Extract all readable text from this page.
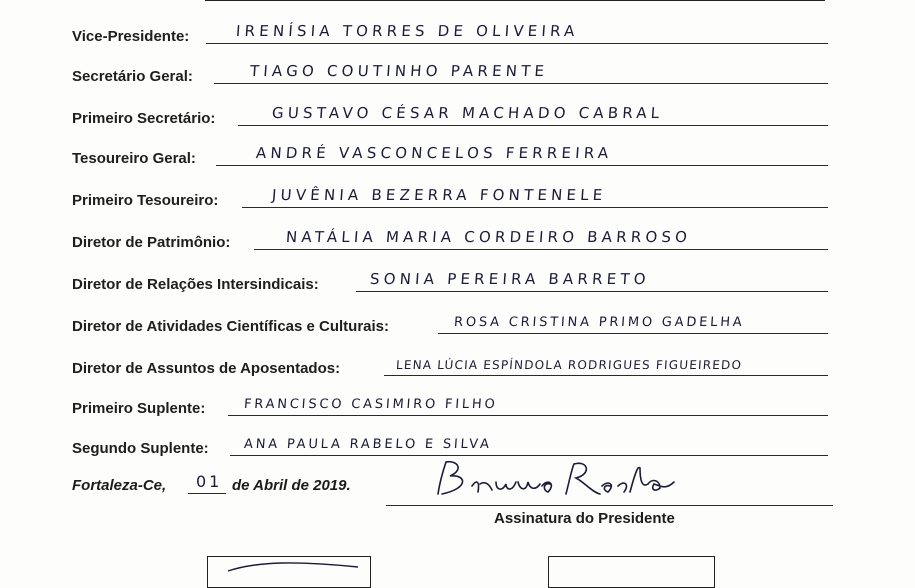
Vice-Presidente:	IRENÍSIA TORRES DE OLIVEIRA
Secretário Geral:	TIAGO COUTINHO PARENTE
Primeiro Secretário:	GUSTAVO CÉSAR MACHADO CABRAL
Tesoureiro Geral:	ANDRÉ VASCONCELOS FERREIRA
Primeiro Tesoureiro:	JUVÊNIA BEZERRA FONTENELE
Diretor de Patrimônio:	NATÁLIA MARIA CORDEIRO BARROSO
Diretor de Relações Intersindicais:	SONIA PEREIRA BARRETO
Diretor de Atividades Científicas e Culturais:	ROSA CRISTINA PRIMO GADELHA
Diretor de Assuntos de Aposentados:	LENA LÚCIA ESPÍNDOLA RODRIGUES FIGUEIREDO
Primeiro Suplente:	FRANCISCO CASIMIRO FILHO
Segundo Suplente:	ANA PAULA RABELO E SILVA
Fortaleza-Ce, 01 de Abril de 2019.
Assinatura do Presidente
